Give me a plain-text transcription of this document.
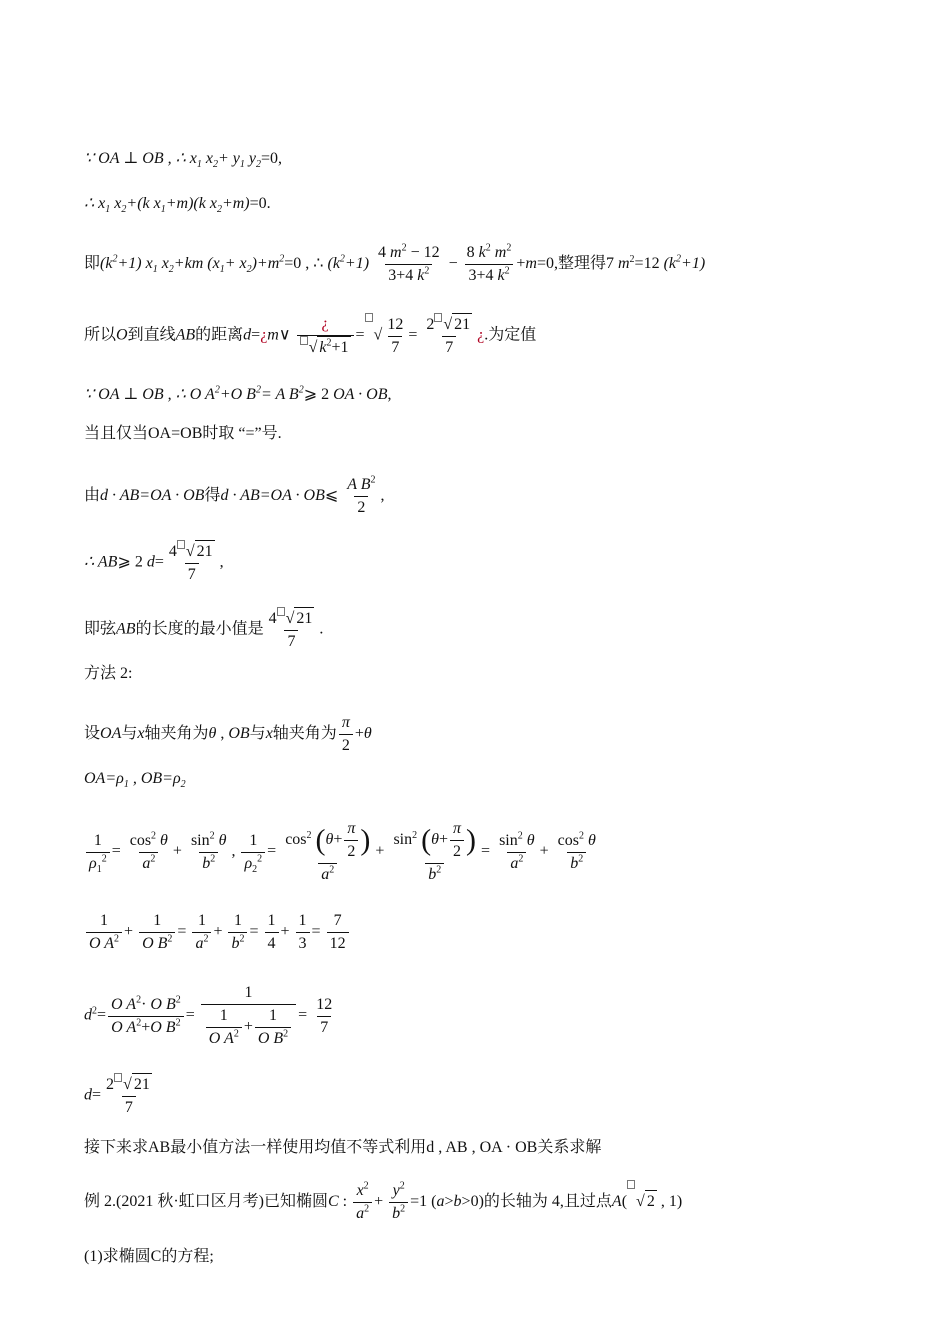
∵ OA ⊥ OB , ∴ $x_1$ $x_2+ y_1$ $y_2=0$,
∴ $x_1$ $x_2+(k$ $x_1+m)(k$ $x_2+m)=0$.
即$(k^2+1)$ $x_1$ $x_2+km$ $(x_1+ x_2)+m^2=0$ , ∴ $(k^2+1) \frac{4 m^2 - 12}{3+4 k^2} - \frac{8 k^2 m^2}{3+4 k^2} +m=0$,整理得7 $m^2=12$ $(k^2+1)$
所以O到直线AB的距离d=¿m∨ $\frac{¿}{√ k^2+1}$ = √ $\frac{12}{7} = \frac{2 √ 21}{7}$ ¿.为定值
∵ OA ⊥ OB , ∴ O $A^2+O$ $B^2= A$ $B^2⩾$ 2 OA · OB,
当且仅当OA=OB时取 “=”号.
由d · AB=OA · OB得d · AB=OA · OB⩽ $\frac{A B^2}{2}$ ,
∴ AB⩾ 2 $d= \frac{4 √ 21}{7}$ ,
即弦AB的长度的最小值是 $\frac{4 √ 21}{7}$ .
方法 2:
设OA与x轴夹角为θ , OB与x轴夹角为 $\frac{\pi}{2} +\theta$
$OA=\rho_1$ , $OB=\rho_2$
$\frac{1}{\rho_1^2} = \frac{\cos^2 \theta}{a^2} + \frac{\sin^2 \theta}{b^2}$ , $\frac{1}{\rho_2^2} = \frac{\cos^2 (\theta+ \frac{\pi}{2} )}{a^2} + \frac{\sin^2 (\theta+ \frac{\pi}{2} )}{b^2} = \frac{\sin^2 \theta}{a^2} + \frac{\cos^2 \theta}{b^2}$
$\frac{1}{O A^2} + \frac{1}{O B^2} = \frac{1}{a^2} + \frac{1}{b^2} = \frac{1}{4} + \frac{1}{3} = \frac{7}{12}$
$d^2= \frac{O A^2\cdot O B^2}{O A^2+O B^2} = \frac{1}{\frac{1}{O A^2} + \frac{1}{O B^2}} = \frac{12}{7}$
$d= \frac{2 √ 21}{7}$
接下来求AB最小值方法一样使用均值不等式利用d , AB , OA · OB关系求解
例 2.(2021 秋·虹口区月考)已知椭圆C : $\frac{x^2}{a^2} + \frac{y^2}{b^2} =1$ (a>b>0)的长轴为 4,且过点A( √ 2 , 1)
(1)求椭圆C的方程;
